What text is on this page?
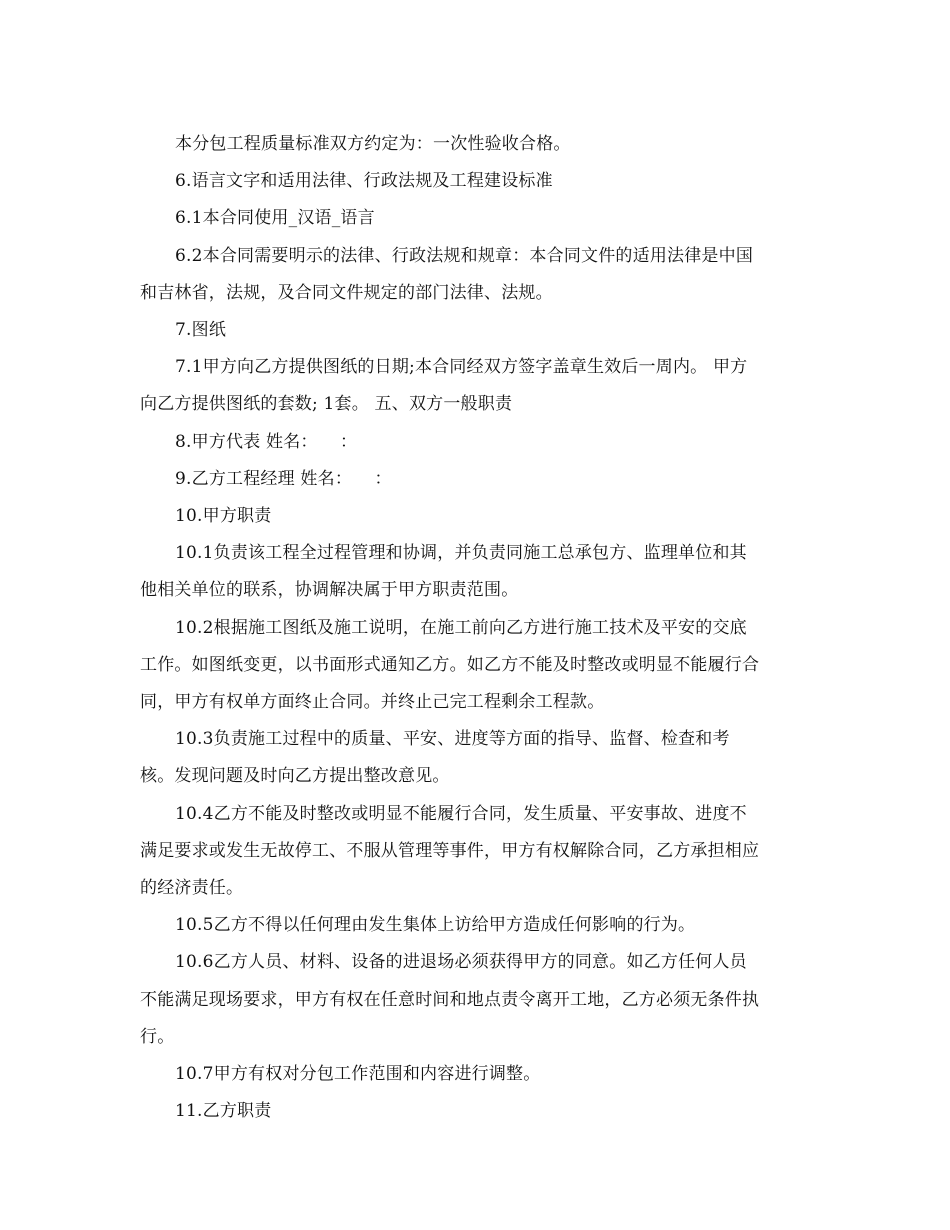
本分包工程质量标准双方约定为：一次性验收合格。

6.语言文字和适用法律、行政法规及工程建设标准

6.1本合同使用_汉语_语言

6.2本合同需要明示的法律、行政法规和规章：本合同文件的适用法律是中国
和吉林省，法规，及合同文件规定的部门法律、法规。

7.图纸

7.1甲方向乙方提供图纸的日期;本合同经双方签字盖章生效后一周内。 甲方
向乙方提供图纸的套数; 1套。 五、双方一般职责

8.甲方代表 姓名：    ：

9.乙方工程经理 姓名：    ：

10.甲方职责

10.1负责该工程全过程管理和协调，并负责同施工总承包方、监理单位和其
他相关单位的联系，协调解决属于甲方职责范围。

10.2根据施工图纸及施工说明，在施工前向乙方进行施工技术及平安的交底
工作。如图纸变更，以书面形式通知乙方。如乙方不能及时整改或明显不能履行合
同，甲方有权单方面终止合同。并终止己完工程剩余工程款。

10.3负责施工过程中的质量、平安、进度等方面的指导、监督、检查和考
核。发现问题及时向乙方提出整改意见。

10.4乙方不能及时整改或明显不能履行合同，发生质量、平安事故、进度不
满足要求或发生无故停工、不服从管理等事件，甲方有权解除合同，乙方承担相应
的经济责任。

10.5乙方不得以任何理由发生集体上访给甲方造成任何影响的行为。

10.6乙方人员、材料、设备的进退场必须获得甲方的同意。如乙方任何人员
不能满足现场要求，甲方有权在任意时间和地点责令离开工地，乙方必须无条件执
行。

10.7甲方有权对分包工作范围和内容进行调整。

11.乙方职责
